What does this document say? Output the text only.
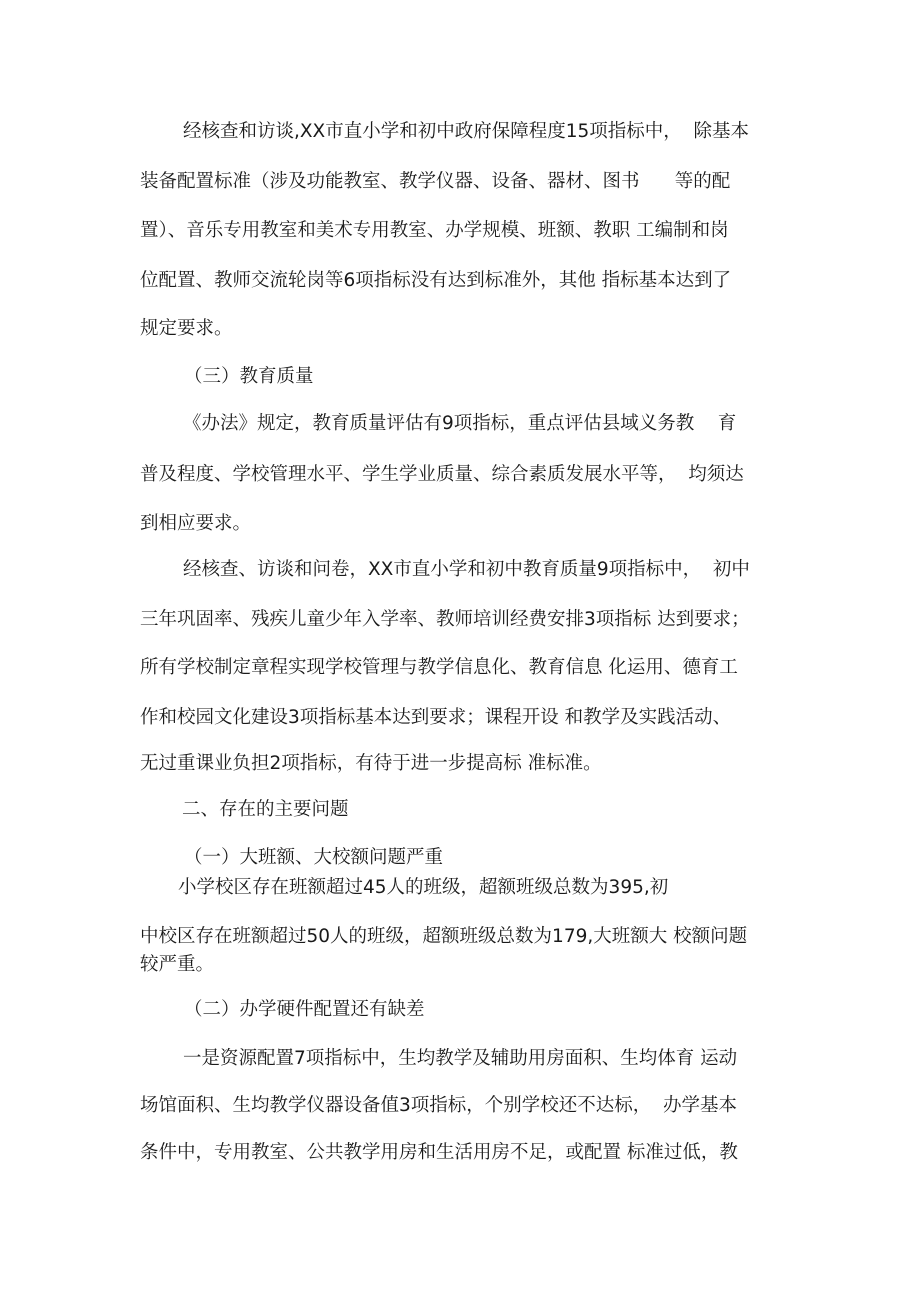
经核查和访谈,XX市直小学和初中政府保障程度15项指标中，  除基本

装备配置标准（涉及功能教室、教学仪器、设备、器材、图书      等的配

置）、音乐专用教室和美术专用教室、办学规模、班额、教职 工编制和岗

位配置、教师交流轮岗等6项指标没有达到标准外，其他 指标基本达到了

规定要求。

（三）教育质量

《办法》规定，教育质量评估有9项指标，重点评估县域义务教    育

普及程度、学校管理水平、学生学业质量、综合素质发展水平等，  均须达

到相应要求。

经核查、访谈和问卷，XX市直小学和初中教育质量9项指标中，  初中

三年巩固率、残疾儿童少年入学率、教师培训经费安排3项指标 达到要求；

所有学校制定章程实现学校管理与教学信息化、教育信息 化运用、德育工

作和校园文化建设3项指标基本达到要求；课程开设 和教学及实践活动、

无过重课业负担2项指标，有待于进一步提高标 准标准。

二、存在的主要问题

（一）大班额、大校额问题严重

小学校区存在班额超过45人的班级，超额班级总数为395,初

中校区存在班额超过50人的班级，超额班级总数为179,大班额大 校额问题

较严重。

（二）办学硬件配置还有缺差

一是资源配置7项指标中，生均教学及辅助用房面积、生均体育 运动

场馆面积、生均教学仪器设备值3项指标，个别学校还不达标，  办学基本

条件中，专用教室、公共教学用房和生活用房不足，或配置 标准过低，教
